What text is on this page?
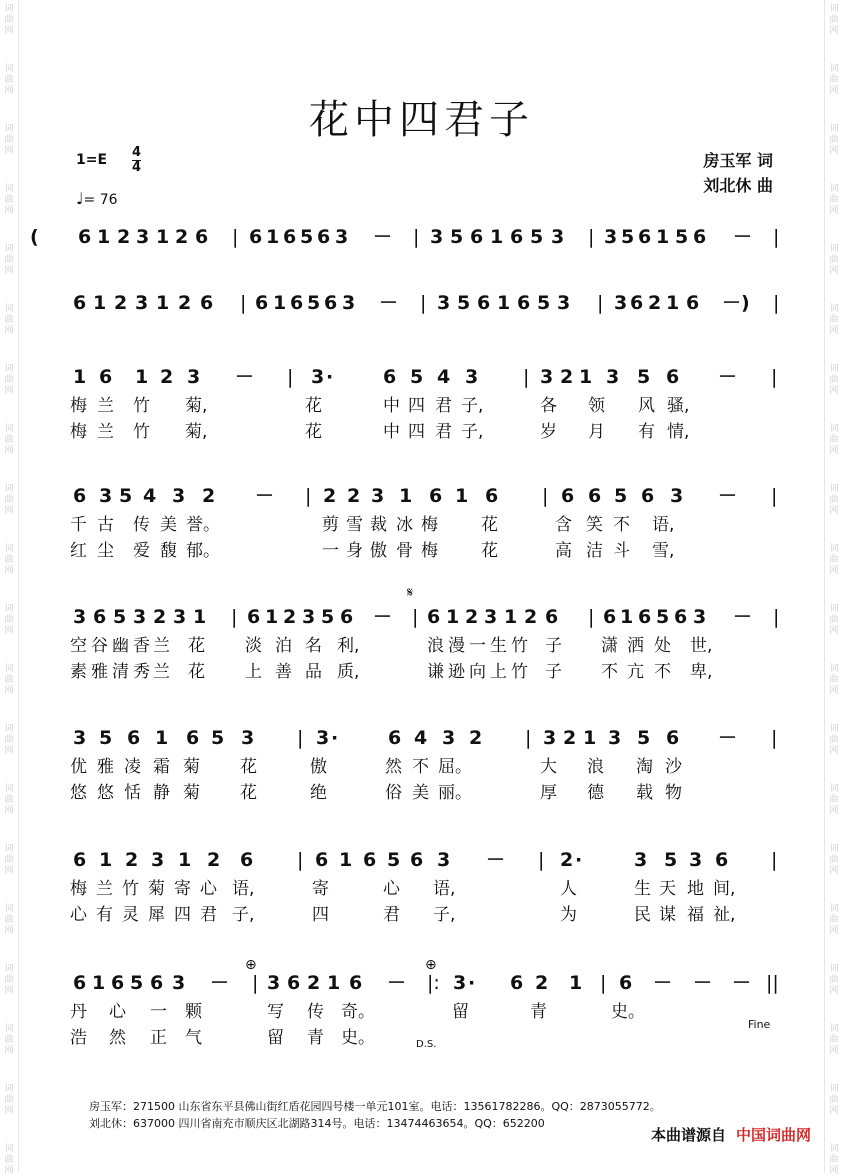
词
曲
网
词
曲
网
词
曲
网
词
曲
网
词
曲
网
词
曲
网
词
曲
网
词
曲
网
词
曲
网
词
曲
网
词
曲
网
词
曲
网
词
曲
网
词
曲
网
词
曲
网
词
曲
网
词
曲
网
词
曲
网
词
曲
网
词
曲
网
词
曲
网
词
曲
网
词
曲
网
词
曲
网
词
曲
网
词
曲
网
词
曲
网
词
曲
网
词
曲
网
词
曲
网
词
曲
网
词
曲
网
词
曲
网
词
曲
网
词
曲
网
词
曲
网
词
曲
网
词
曲
网
词
曲
网
词
曲
网
花中四君子
$1=E \frac{4}{4}$
♩= 76
房玉军 词
刘北休 曲
( 6 1 2 3 1 2 6 | 6 1 6 5 6 3 － | 3 5 6 1 6 5 3 | 3 5 6 1 5 6 － |
6 1 2 3 1 2 6 | 6 1 6 5 6 3 － | 3 5 6 1 6 5 3 | 3 6 2 1 6 －) |
1 6 1 2 3 － | 3 ·	6 5 4 3 | 3 2 1 3 5 6 － |
梅 兰 竹 菊,	花	中 四 君 子,	各 领 风 骚,
梅 兰 竹 菊,	花	中 四 君 子,	岁 月 有 情,
6 3 5 4 3 2 － | 2 2 3 1 6 1 6 | 6 6 5 6 3 － |
千 古 传 美 誉。	剪 雪 裁 冰 梅	花	含 笑 不 语,
红 尘 爱 馥 郁。	一 身 傲 骨 梅	花	高 洁 斗 雪,
3 6 5 3 2 3 1 | 6 1 2 3 5 6 － | 6 1 2 3 1 2 6 | 6 1 6 5 6 3 － |
空 谷 幽 香 兰 花 淡 泊 名 利,	浪 漫 一 生 竹 子 潇 洒 处 世,
素 雅 清 秀 兰 花 上 善 品 质,	谦 逊 向 上 竹 子 不 亢 不 卑,
3 5 6 1 6 5 3 | 3 ·	6 4 3 2 | 3 2 1 3 5 6 － |
优 雅 凌 霜 菊 花	傲	然 不 屈。	大 浪 淘 沙
悠 悠 恬 静 菊 花	绝	俗 美 丽。	厚 德 载 物
6 1 2 3 1 2 6 | 6 1 6 5 6 3 － | 2 ·	3 5 3 6 |
梅 兰 竹 菊 寄 心 语,	寄	心 语,	人	生 天 地 间,
心 有 灵 犀 四 君 子,	四	君 子,	为	民 谋 福 祉,
6 1 6 5 6 3 － | 3 6 2 1 6 － |: 3 · 6 2 1 | 6 － － － ||
丹 心 一 颗	写 传 奇。	留	青	史。
浩 然 正 气	留 青 史。
𝄋
⊕	⊕
Fine
D.S.
房玉军：271500 山东省东平县佛山街红盾花园四号楼一单元101室。电话：13561782286。QQ：2873055772。
刘北休：637000 四川省南充市顺庆区北湖路314号。电话：13474463654。QQ：652200
本曲谱源自 中国词曲网
